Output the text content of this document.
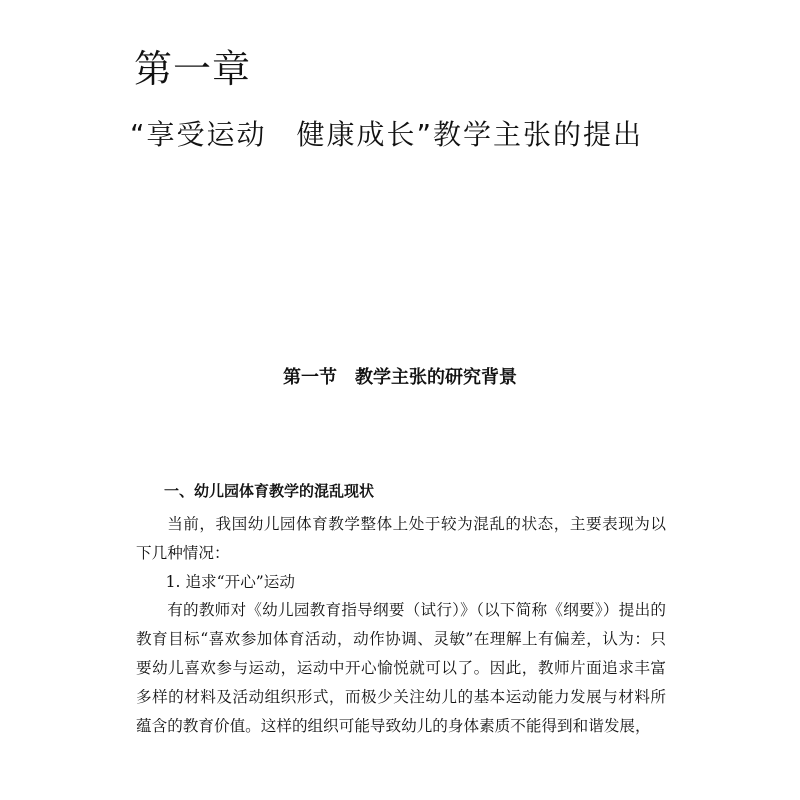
第一章
“享受运动　健康成长”教学主张的提出
第一节　教学主张的研究背景
一、幼儿园体育教学的混乱现状

当前，我国幼儿园体育教学整体上处于较为混乱的状态，主要表现为以下几种情况：

1. 追求“开心”运动

有的教师对《幼儿园教育指导纲要（试行）》（以下简称《纲要》）提出的教育目标“喜欢参加体育活动，动作协调、灵敏”在理解上有偏差，认为：只要幼儿喜欢参与运动，运动中开心愉悦就可以了。因此，教师片面追求丰富多样的材料及活动组织形式，而极少关注幼儿的基本运动能力发展与材料所蕴含的教育价值。这样的组织可能导致幼儿的身体素质不能得到和谐发展，
